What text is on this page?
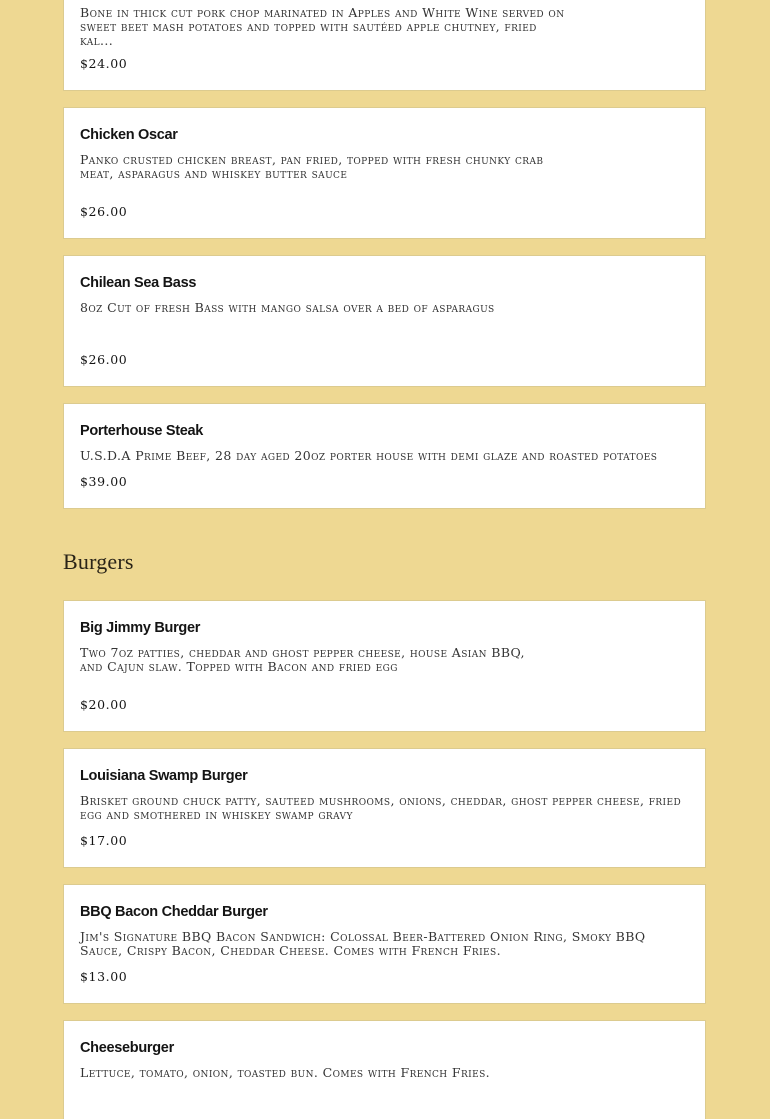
Bone in thick cut pork chop marinated in Apples and White Wine served on sweet beet mash potatoes and topped with sautéed apple chutney, fried kal...
$24.00
Chicken Oscar
Panko crusted chicken breast, pan fried, topped with fresh chunky crab meat, asparagus and whiskey butter sauce
$26.00
Chilean Sea Bass
8oz Cut of fresh Bass with mango salsa over a bed of asparagus
$26.00
Porterhouse Steak
U.S.D.A Prime Beef, 28 day aged 20oz porter house with demi glaze and roasted potatoes
$39.00
Burgers
Big Jimmy Burger
Two 7oz patties, cheddar and ghost pepper cheese, house Asian BBQ, and Cajun slaw. Topped with Bacon and fried egg
$20.00
Louisiana Swamp Burger
Brisket ground chuck patty, sauteed mushrooms, onions, cheddar, ghost pepper cheese, fried egg and smothered in whiskey swamp gravy
$17.00
BBQ Bacon Cheddar Burger
Jim's Signature BBQ Bacon Sandwich: Colossal Beer-Battered Onion Ring, Smoky BBQ Sauce, Crispy Bacon, Cheddar Cheese. Comes with French Fries.
$13.00
Cheeseburger
Lettuce, tomato, onion, toasted bun. Comes with French Fries.
